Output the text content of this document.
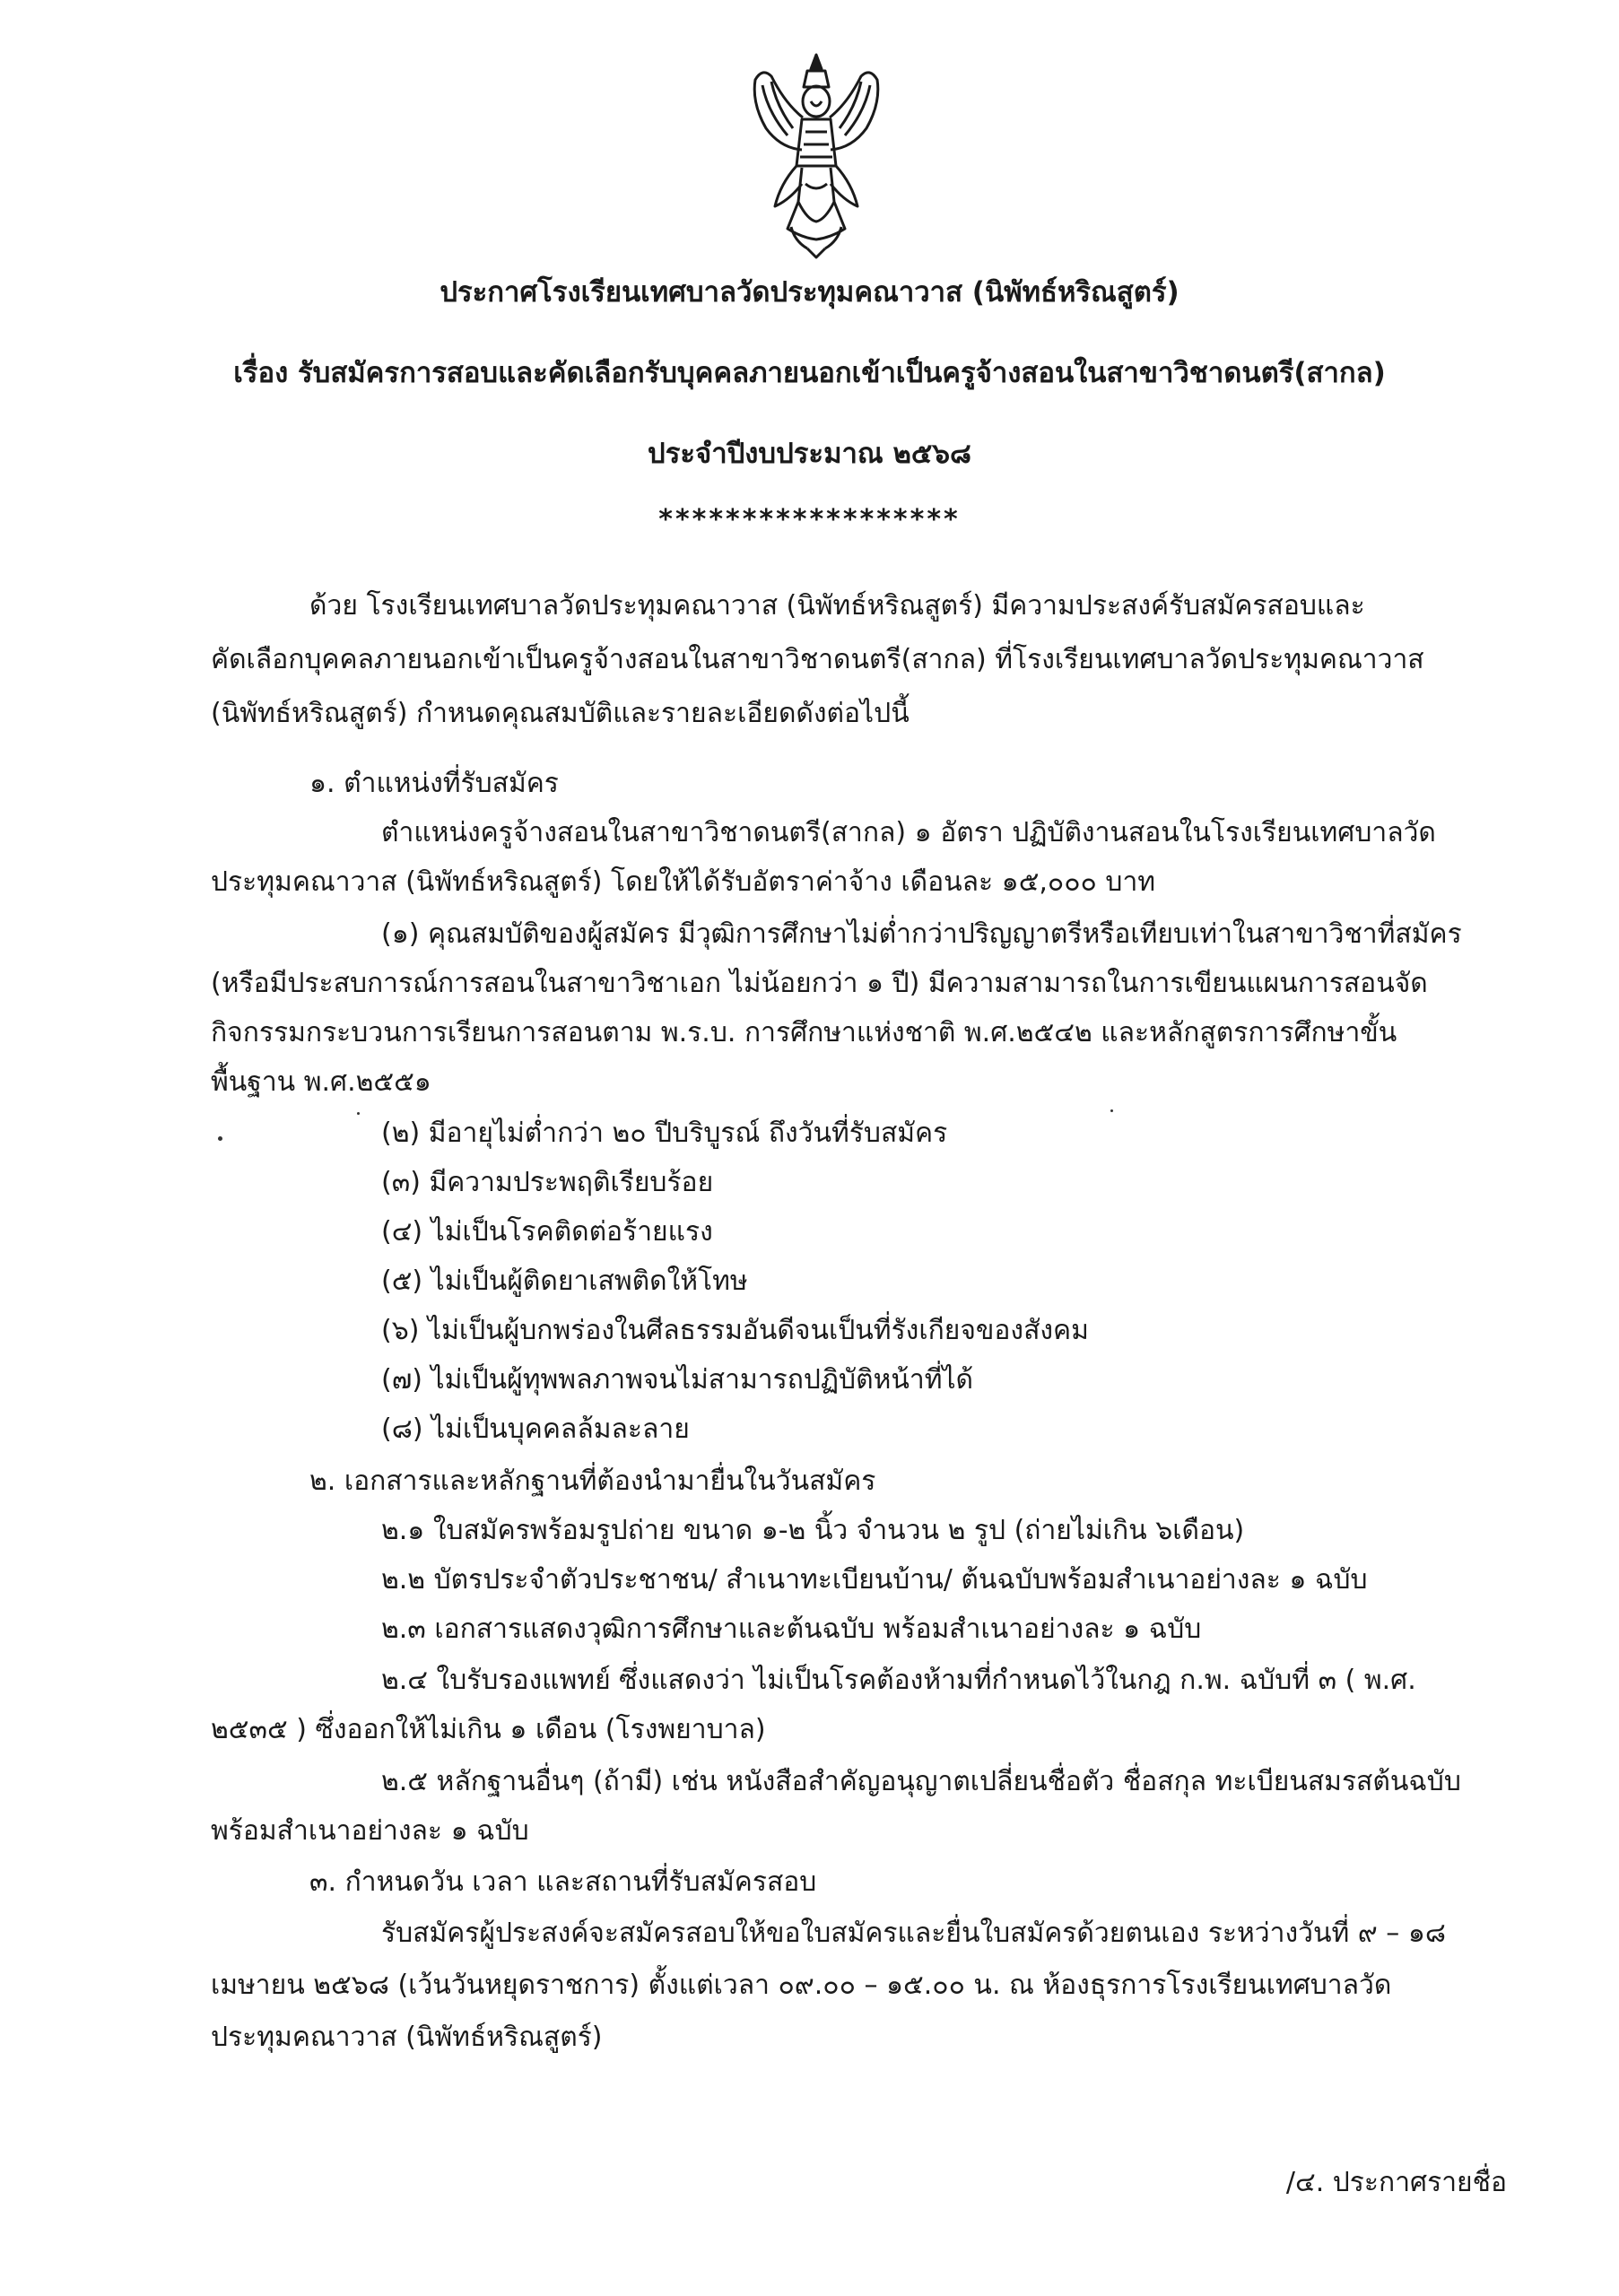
ประกาศโรงเรียนเทศบาลวัดประทุมคณาวาส (นิพัทธ์หริณสูตร์)
เรื่อง รับสมัครการสอบและคัดเลือกรับบุคคลภายนอกเข้าเป็นครูจ้างสอนในสาขาวิชาดนตรี(สากล)
ประจำปีงบประมาณ ๒๕๖๘
******************
ด้วย โรงเรียนเทศบาลวัดประทุมคณาวาส (นิพัทธ์หริณสูตร์) มีความประสงค์รับสมัครสอบและ
คัดเลือกบุคคลภายนอกเข้าเป็นครูจ้างสอนในสาขาวิชาดนตรี(สากล) ที่โรงเรียนเทศบาลวัดประทุมคณาวาส
(นิพัทธ์หริณสูตร์) กำหนดคุณสมบัติและรายละเอียดดังต่อไปนี้
๑. ตำแหน่งที่รับสมัคร
ตำแหน่งครูจ้างสอนในสาขาวิชาดนตรี(สากล) ๑ อัตรา ปฏิบัติงานสอนในโรงเรียนเทศบาลวัด
ประทุมคณาวาส (นิพัทธ์หริณสูตร์) โดยให้ได้รับอัตราค่าจ้าง เดือนละ ๑๕,๐๐๐ บาท
(๑) คุณสมบัติของผู้สมัคร มีวุฒิการศึกษาไม่ต่ำกว่าปริญญาตรีหรือเทียบเท่าในสาขาวิชาที่สมัคร
(หรือมีประสบการณ์การสอนในสาขาวิชาเอก ไม่น้อยกว่า ๑ ปี) มีความสามารถในการเขียนแผนการสอนจัด
กิจกรรมกระบวนการเรียนการสอนตาม พ.ร.บ. การศึกษาแห่งชาติ พ.ศ.๒๕๔๒ และหลักสูตรการศึกษาขั้น
พื้นฐาน พ.ศ.๒๕๕๑
(๒) มีอายุไม่ต่ำกว่า ๒๐ ปีบริบูรณ์ ถึงวันที่รับสมัคร
(๓) มีความประพฤติเรียบร้อย
(๔) ไม่เป็นโรคติดต่อร้ายแรง
(๕) ไม่เป็นผู้ติดยาเสพติดให้โทษ
(๖) ไม่เป็นผู้บกพร่องในศีลธรรมอันดีจนเป็นที่รังเกียจของสังคม
(๗) ไม่เป็นผู้ทุพพลภาพจนไม่สามารถปฏิบัติหน้าที่ได้
(๘) ไม่เป็นบุคคลล้มละลาย
๒. เอกสารและหลักฐานที่ต้องนำมายื่นในวันสมัคร
๒.๑ ใบสมัครพร้อมรูปถ่าย ขนาด ๑-๒ นิ้ว จำนวน ๒ รูป (ถ่ายไม่เกิน ๖เดือน)
๒.๒ บัตรประจำตัวประชาชน/ สำเนาทะเบียนบ้าน/ ต้นฉบับพร้อมสำเนาอย่างละ ๑ ฉบับ
๒.๓ เอกสารแสดงวุฒิการศึกษาและต้นฉบับ พร้อมสำเนาอย่างละ ๑ ฉบับ
๒.๔ ใบรับรองแพทย์ ซึ่งแสดงว่า ไม่เป็นโรคต้องห้ามที่กำหนดไว้ในกฎ ก.พ. ฉบับที่ ๓ ( พ.ศ.
๒๕๓๕ ) ซึ่งออกให้ไม่เกิน ๑ เดือน (โรงพยาบาล)
๒.๕ หลักฐานอื่นๆ (ถ้ามี) เช่น หนังสือสำคัญอนุญาตเปลี่ยนชื่อตัว ชื่อสกุล ทะเบียนสมรสต้นฉบับ
พร้อมสำเนาอย่างละ ๑ ฉบับ
๓. กำหนดวัน เวลา และสถานที่รับสมัครสอบ
รับสมัครผู้ประสงค์จะสมัครสอบให้ขอใบสมัครและยื่นใบสมัครด้วยตนเอง ระหว่างวันที่ ๙ – ๑๘
เมษายน ๒๕๖๘ (เว้นวันหยุดราชการ) ตั้งแต่เวลา ๐๙.๐๐ – ๑๕.๐๐ น. ณ ห้องธุรการโรงเรียนเทศบาลวัด
ประทุมคณาวาส (นิพัทธ์หริณสูตร์)
/๔. ประกาศรายชื่อ
